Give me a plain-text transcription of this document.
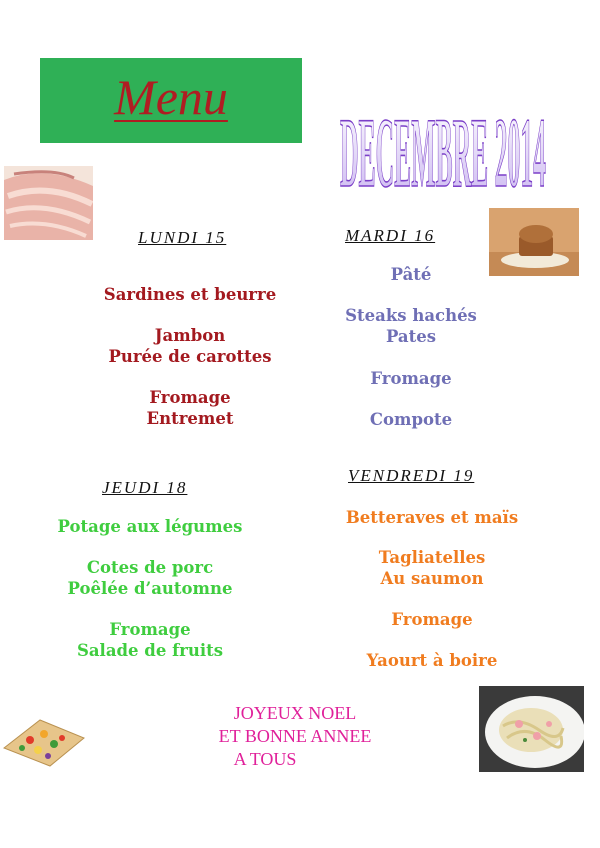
Menu	DECEMBRE 2014
LUNDI 15
Sardines et beurre
Jambon
Purée de carottes
Fromage
Entremet
MARDI 16
Pâté
Steaks hachés
Pates
Fromage
Compote
JEUDI 18
Potage aux légumes
Cotes de porc
Poêlée d’automne
Fromage
Salade de fruits
VENDREDI 19
Betteraves et maïs
Tagliatelles
Au saumon
Fromage
Yaourt à boire
JOYEUX NOEL
ET BONNE ANNEE
A TOUS
